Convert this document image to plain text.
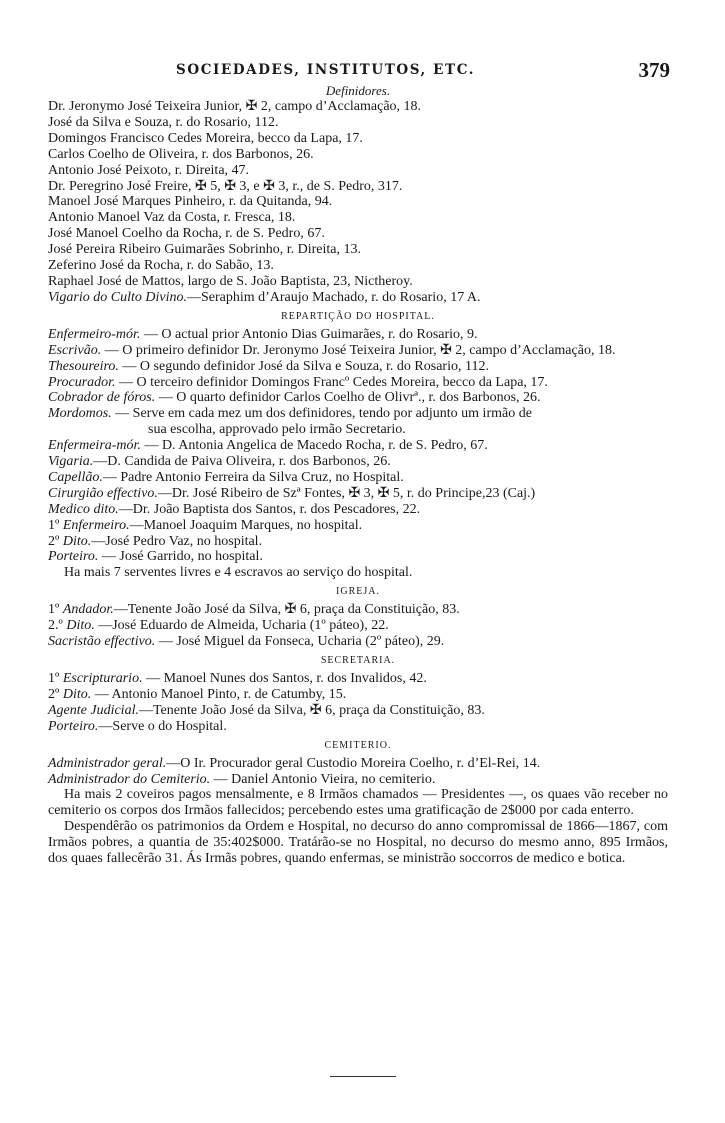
SOCIEDADES, INSTITUTOS, ETC.	379
Definidores.

Dr. Jeronymo José Teixeira Junior, ✠ 2, campo d’Acclamação, 18.

José da Silva e Souza, r. do Rosario, 112.

Domingos Francisco Cedes Moreira, becco da Lapa, 17.

Carlos Coelho de Oliveira, r. dos Barbonos, 26.

Antonio José Peixoto, r. Direita, 47.

Dr. Peregrino José Freire, ✠ 5, ✠ 3, e ✠ 3, r., de S. Pedro, 317.

Manoel José Marques Pinheiro, r. da Quitanda, 94.

Antonio Manoel Vaz da Costa, r. Fresca, 18.

José Manoel Coelho da Rocha, r. de S. Pedro, 67.

José Pereira Ribeiro Guimarães Sobrinho, r. Direita, 13.

Zeferino José da Rocha, r. do Sabão, 13.

Raphael José de Mattos, largo de S. João Baptista, 23, Nictheroy.

Vigario do Culto Divino.—Seraphim d’Araujo Machado, r. do Rosario, 17 A.

REPARTIÇÃO DO HOSPITAL.

Enfermeiro-mór. — O actual prior Antonio Dias Guimarães, r. do Rosario, 9.

Escrivão. — O primeiro definidor Dr. Jeronymo José Teixeira Junior, ✠ 2, campo d’Acclamação, 18.

Thesoureiro. — O segundo definidor José da Silva e Souza, r. do Rosario, 112.

Procurador. — O terceiro definidor Domingos Francº Cedes Moreira, becco da Lapa, 17.

Cobrador de fóros. — O quarto definidor Carlos Coelho de Olivrª., r. dos Barbonos, 26.

Mordomos. — Serve em cada mez um dos definidores, tendo por adjunto um irmão de

sua escolha, approvado pelo irmão Secretario.

Enfermeira-mór. — D. Antonia Angelica de Macedo Rocha, r. de S. Pedro, 67.

Vigaria.—D. Candida de Paiva Oliveira, r. dos Barbonos, 26.

Capellão.— Padre Antonio Ferreira da Silva Cruz, no Hospital.

Cirurgião effectivo.—Dr. José Ribeiro de Szª Fontes, ✠ 3, ✠ 5, r. do Principe,23 (Caj.)

Medico dito.—Dr. João Baptista dos Santos, r. dos Pescadores, 22.

1º Enfermeiro.—Manoel Joaquim Marques, no hospital.

2º Dito.—José Pedro Vaz, no hospital.

Porteiro. — José Garrido, no hospital.

Ha mais 7 serventes livres e 4 escravos ao serviço do hospital.

IGREJA.

1º Andador.—Tenente João José da Silva, ✠ 6, praça da Constituição, 83.

2.º Dito. —José Eduardo de Almeida, Ucharia (1º páteo), 22.

Sacristão effectivo. — José Miguel da Fonseca, Ucharia (2º páteo), 29.

SECRETARIA.

1º Escripturario. — Manoel Nunes dos Santos, r. dos Invalidos, 42.

2º Dito. — Antonio Manoel Pinto, r. de Catumby, 15.

Agente Judicial.—Tenente João José da Silva, ✠ 6, praça da Constituição, 83.

Porteiro.—Serve o do Hospital.

CEMITERIO.

Administrador geral.—O Ir. Procurador geral Custodio Moreira Coelho, r. d’El-Rei, 14.

Administrador do Cemiterio. — Daniel Antonio Vieira, no cemiterio.

Ha mais 2 coveiros pagos mensalmente, e 8 Irmãos chamados — Presidentes —, os quaes vão receber no cemiterio os corpos dos Irmãos fallecidos; percebendo estes uma gratificação de 2$000 por cada enterro.

Despendêrão os patrimonios da Ordem e Hospital, no decurso do anno compromissal de 1866—1867, com Irmãos pobres, a quantia de 35:402$000. Tratárão-se no Hospital, no decurso do mesmo anno, 895 Irmãos, dos quaes fallecêrão 31. Ás Irmãs pobres, quando enfermas, se ministrão soccorros de medico e botica.
